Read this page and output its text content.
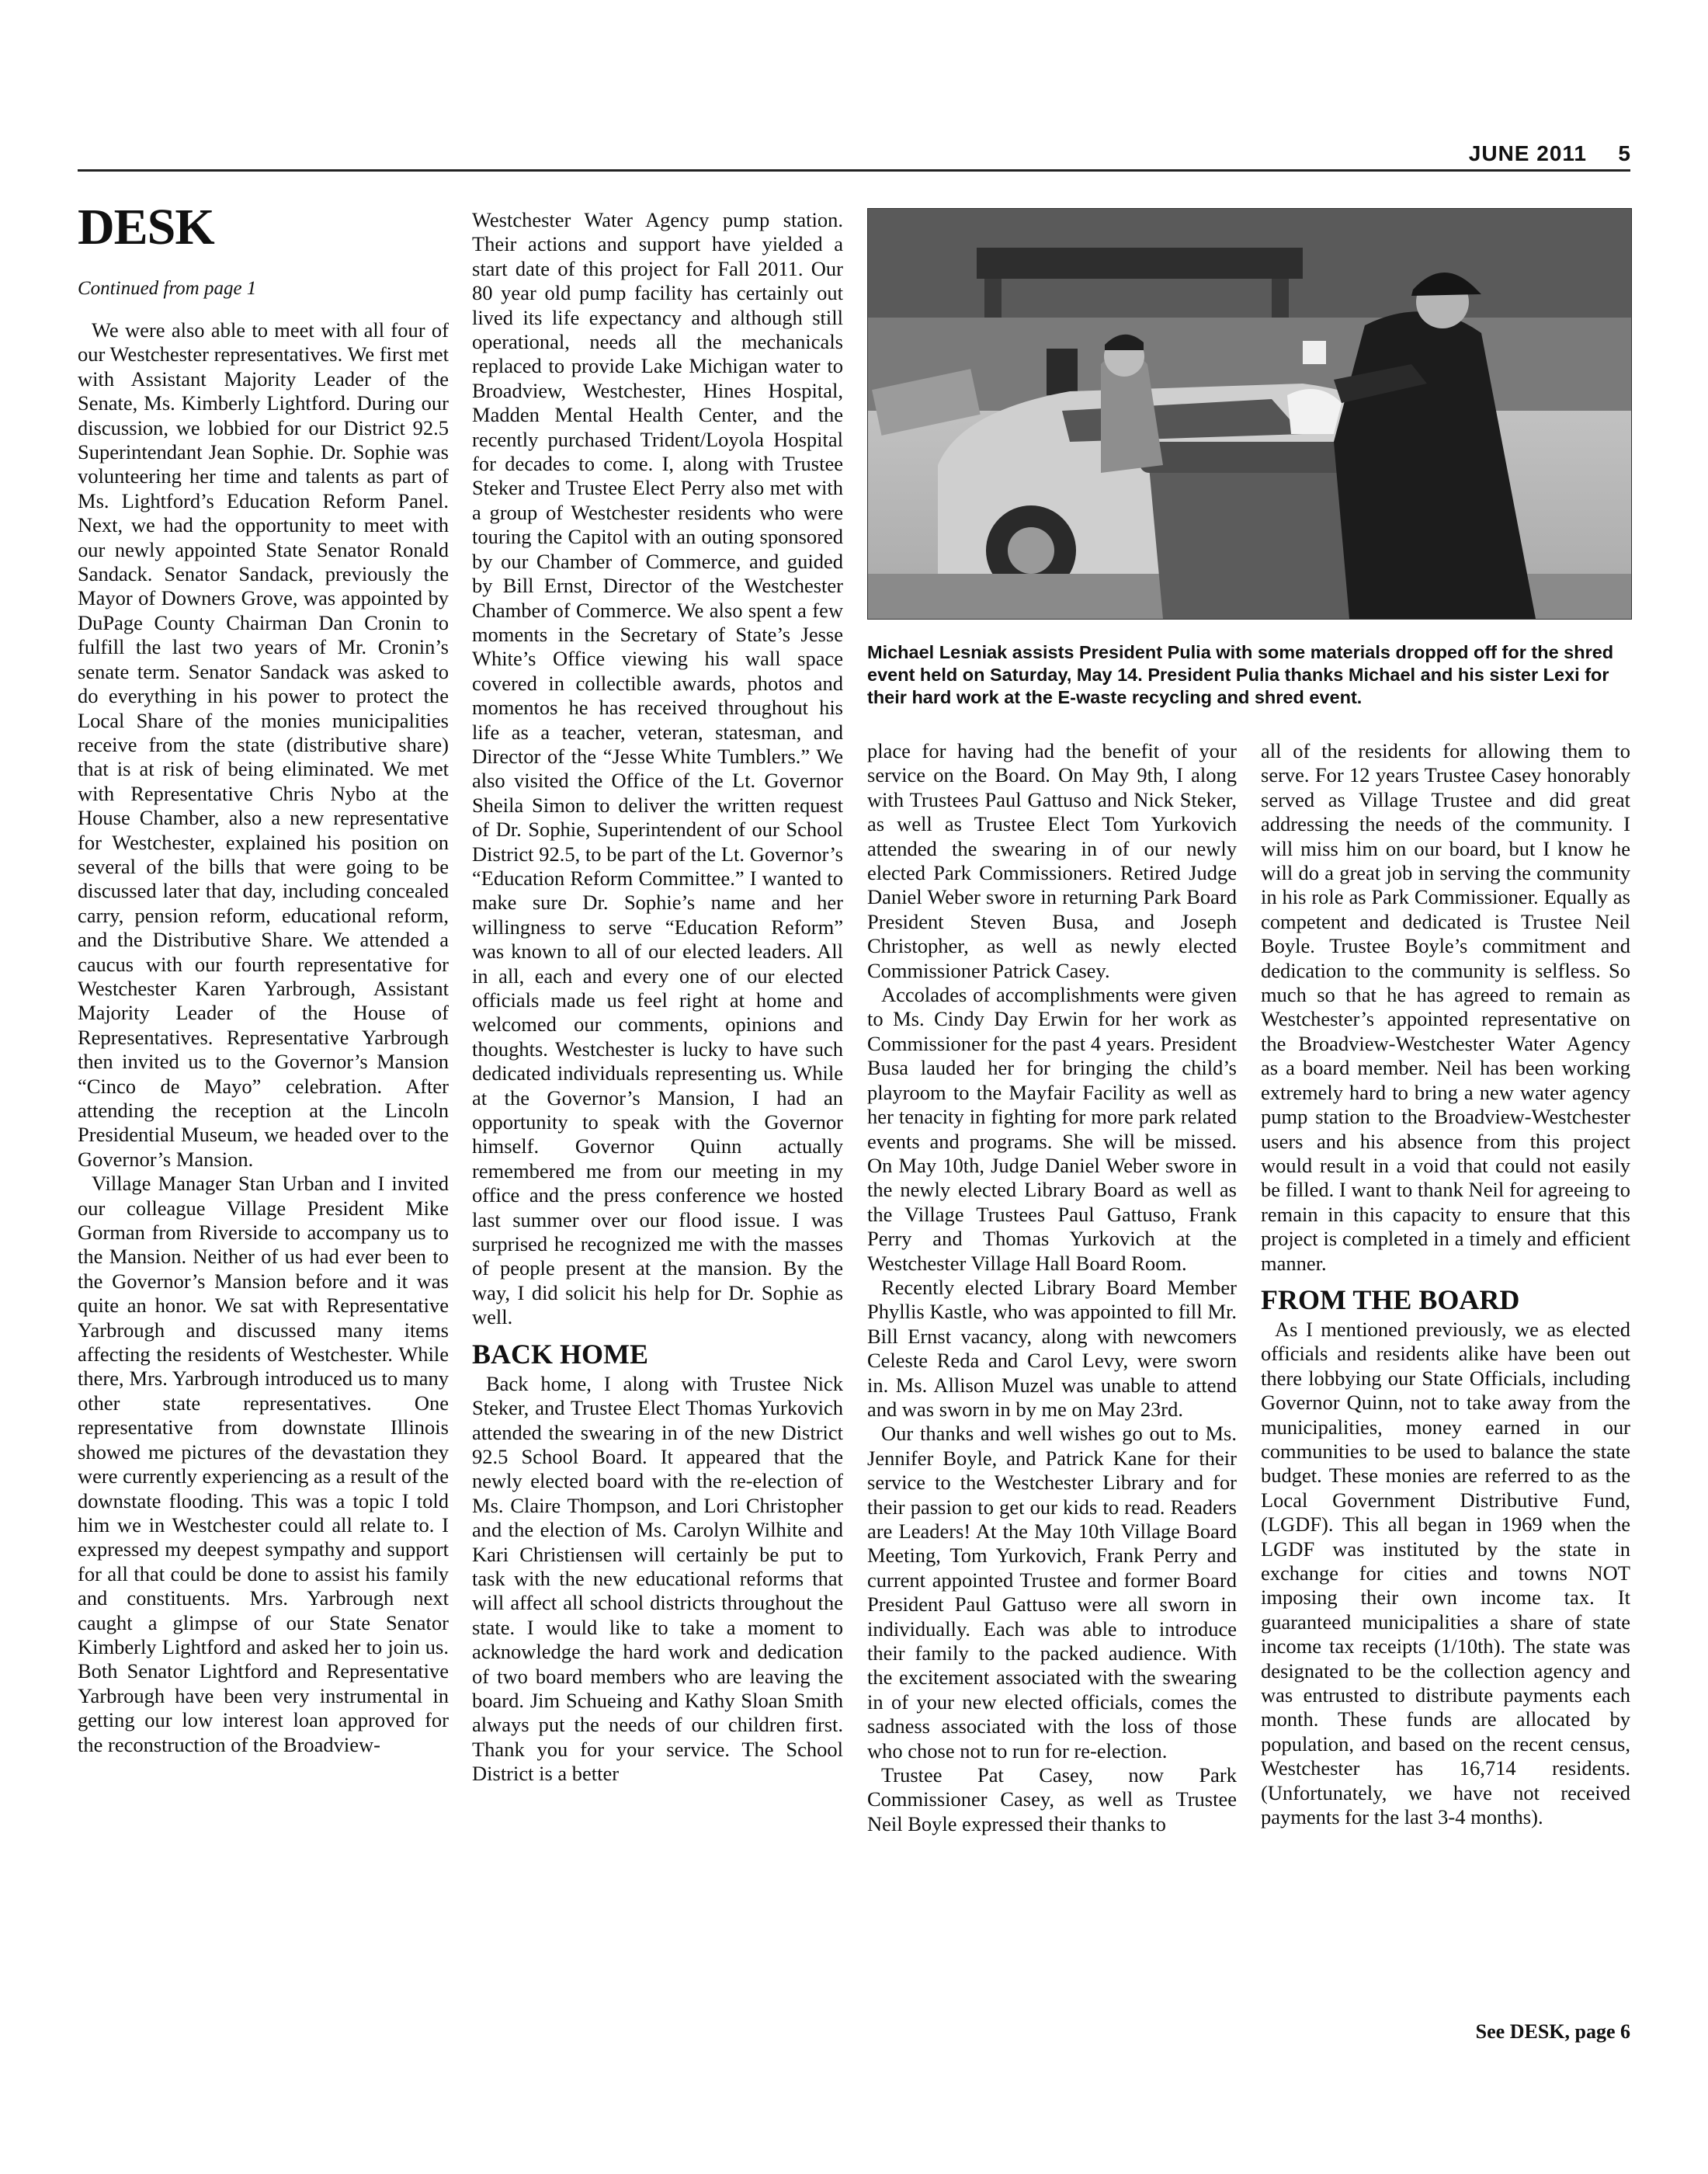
JUNE 2011 5
DESK
Continued from page 1

We were also able to meet with all four of our Westchester representatives. We first met with Assistant Majority Leader of the Senate, Ms. Kimberly Lightford. During our discussion, we lobbied for our District 92.5 Superintendant Jean Sophie. Dr. Sophie was volunteering her time and talents as part of Ms. Lightford’s Education Reform Panel. Next, we had the opportunity to meet with our newly appointed State Senator Ronald Sandack. Senator Sandack, previously the Mayor of Downers Grove, was appointed by DuPage County Chairman Dan Cronin to fulfill the last two years of Mr. Cronin’s senate term. Senator Sandack was asked to do everything in his power to protect the Local Share of the monies municipalities receive from the state (distributive share) that is at risk of being eliminated. We met with Representative Chris Nybo at the House Chamber, also a new representative for Westchester, explained his position on several of the bills that were going to be discussed later that day, including concealed carry, pension reform, educational reform, and the Distributive Share. We attended a caucus with our fourth representative for Westchester Karen Yarbrough, Assistant Majority Leader of the House of Representatives. Representative Yarbrough then invited us to the Governor’s Mansion “Cinco de Mayo” celebration. After attending the reception at the Lincoln Presidential Museum, we headed over to the Governor’s Mansion.

Village Manager Stan Urban and I invited our colleague Village President Mike Gorman from Riverside to accompany us to the Mansion. Neither of us had ever been to the Governor’s Mansion before and it was quite an honor. We sat with Representative Yarbrough and discussed many items affecting the residents of Westchester. While there, Mrs. Yarbrough introduced us to many other state representatives. One representative from downstate Illinois showed me pictures of the devastation they were currently experiencing as a result of the downstate flooding. This was a topic I told him we in Westchester could all relate to. I expressed my deepest sympathy and support for all that could be done to assist his family and constituents. Mrs. Yarbrough next caught a glimpse of our State Senator Kimberly Lightford and asked her to join us. Both Senator Lightford and Representative Yarbrough have been very instrumental in getting our low interest loan approved for the reconstruction of the Broadview-

Westchester Water Agency pump station. Their actions and support have yielded a start date of this project for Fall 2011. Our 80 year old pump facility has certainly out lived its life expectancy and although still operational, needs all the mechanicals replaced to provide Lake Michigan water to Broadview, Westchester, Hines Hospital, Madden Mental Health Center, and the recently purchased Trident/Loyola Hospital for decades to come. I, along with Trustee Steker and Trustee Elect Perry also met with a group of Westchester residents who were touring the Capitol with an outing sponsored by our Chamber of Commerce, and guided by Bill Ernst, Director of the Westchester Chamber of Commerce. We also spent a few moments in the Secretary of State’s Jesse White’s Office viewing his wall space covered in collectible awards, photos and momentos he has received throughout his life as a teacher, veteran, statesman, and Director of the “Jesse White Tumblers.” We also visited the Office of the Lt. Governor Sheila Simon to deliver the written request of Dr. Sophie, Superintendent of our School District 92.5, to be part of the Lt. Governor’s “Education Reform Committee.” I wanted to make sure Dr. Sophie’s name and her willingness to serve “Education Reform” was known to all of our elected leaders. All in all, each and every one of our elected officials made us feel right at home and welcomed our comments, opinions and thoughts. Westchester is lucky to have such dedicated individuals representing us. While at the Governor’s Mansion, I had an opportunity to speak with the Governor himself. Governor Quinn actually remembered me from our meeting in my office and the press conference we hosted last summer over our flood issue. I was surprised he recognized me with the masses of people present at the mansion. By the way, I did solicit his help for Dr. Sophie as well.

BACK HOME

Back home, I along with Trustee Nick Steker, and Trustee Elect Thomas Yurkovich attended the swearing in of the new District 92.5 School Board. It appeared that the newly elected board with the re-election of Ms. Claire Thompson, and Lori Christopher and the election of Ms. Carolyn Wilhite and Kari Christiensen will certainly be put to task with the new educational reforms that will affect all school districts throughout the state. I would like to take a moment to acknowledge the hard work and dedication of two board members who are leaving the board. Jim Schueing and Kathy Sloan Smith always put the needs of our children first. Thank you for your service. The School District is a better

Michael Lesniak assists President Pulia with some materials dropped off for the shred event held on Saturday, May 14. President Pulia thanks Michael and his sister Lexi for their hard work at the E-waste recycling and shred event.

place for having had the benefit of your service on the Board. On May 9th, I along with Trustees Paul Gattuso and Nick Steker, as well as Trustee Elect Tom Yurkovich attended the swearing in of our newly elected Park Commissioners. Retired Judge Daniel Weber swore in returning Park Board President Steven Busa, and Joseph Christopher, as well as newly elected Commissioner Patrick Casey.

Accolades of accomplishments were given to Ms. Cindy Day Erwin for her work as Commissioner for the past 4 years. President Busa lauded her for bringing the child’s playroom to the Mayfair Facility as well as her tenacity in fighting for more park related events and programs. She will be missed. On May 10th, Judge Daniel Weber swore in the newly elected Library Board as well as the Village Trustees Paul Gattuso, Frank Perry and Thomas Yurkovich at the Westchester Village Hall Board Room.

Recently elected Library Board Member Phyllis Kastle, who was appointed to fill Mr. Bill Ernst vacancy, along with newcomers Celeste Reda and Carol Levy, were sworn in. Ms. Allison Muzel was unable to attend and was sworn in by me on May 23rd.

Our thanks and well wishes go out to Ms. Jennifer Boyle, and Patrick Kane for their service to the Westchester Library and for their passion to get our kids to read. Readers are Leaders! At the May 10th Village Board Meeting, Tom Yurkovich, Frank Perry and current appointed Trustee and former Board President Paul Gattuso were all sworn in individually. Each was able to introduce their family to the packed audience. With the excitement associated with the swearing in of your new elected officials, comes the sadness associated with the loss of those who chose not to run for re-election.

Trustee Pat Casey, now Park Commissioner Casey, as well as Trustee Neil Boyle expressed their thanks to

all of the residents for allowing them to serve. For 12 years Trustee Casey honorably served as Village Trustee and did great addressing the needs of the community. I will miss him on our board, but I know he will do a great job in serving the community in his role as Park Commissioner. Equally as competent and dedicated is Trustee Neil Boyle. Trustee Boyle’s commitment and dedication to the community is selfless. So much so that he has agreed to remain as Westchester’s appointed representative on the Broadview-Westchester Water Agency as a board member. Neil has been working extremely hard to bring a new water agency pump station to the Broadview-Westchester users and his absence from this project would result in a void that could not easily be filled. I want to thank Neil for agreeing to remain in this capacity to ensure that this project is completed in a timely and efficient manner.

FROM THE BOARD

As I mentioned previously, we as elected officials and residents alike have been out there lobbying our State Officials, including Governor Quinn, not to take away from the municipalities, money earned in our communities to be used to balance the state budget. These monies are referred to as the Local Government Distributive Fund, (LGDF). This all began in 1969 when the LGDF was instituted by the state in exchange for cities and towns NOT imposing their own income tax. It guaranteed municipalities a share of state income tax receipts (1/10th). The state was designated to be the collection agency and was entrusted to distribute payments each month. These funds are allocated by population, and based on the recent census, Westchester has 16,714 residents. (Unfortunately, we have not received payments for the last 3-4 months).

See DESK, page 6
